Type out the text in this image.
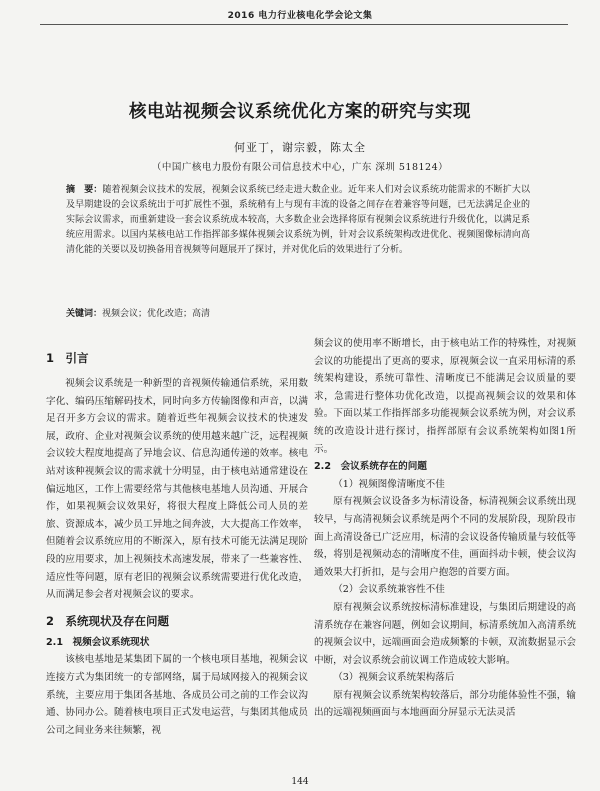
2016 电力行业核电化学会论文集
核电站视频会议系统优化方案的研究与实现
何亚丁，谢宗毅，陈太全
（中国广核电力股份有限公司信息技术中心，广东 深圳 518124）
摘　要：随着视频会议技术的发展，视频会议系统已经走进大数企业。近年来人们对会议系统功能需求的不断扩大以及早期建设的会议系统出于可扩展性不强，系统稍有上与现有丰流的设备之间存在着兼容等问题，已无法满足企业的实际会议需求，而重新建设一套会议系统成本较高，大多数企业会选择将原有视频会议系统进行升级优化，以满足系统应用需求。以国内某核电站工作指挥部多媒体视频会议系统为例，针对会议系统架构改进优化、视频图像标清向高清化能的关要以及切换备用音视频等问题展开了探讨，并对优化后的效果进行了分析。
关键词：视频会议；优化改造；高清
1　引言

视频会议系统是一种新型的音视频传输通信系统，采用数字化、编码压缩解码技术，同时向多方传输图像和声音，以满足召开多方会议的需求。随着近些年视频会议技术的快速发展，政府、企业对视频会议系统的使用越来越广泛，远程视频会议较大程度地提高了异地会议、信息沟通传递的效率。核电站对该种视频会议的需求就十分明显，由于核电站通常建设在偏远地区，工作上需要经常与其他核电基地人员沟通、开展合作，如果视频会议效果好，将很大程度上降低公司人员的差旅、资源成本，减少员工异地之间奔波，大大提高工作效率，但随着会议系统应用的不断深入，原有技术可能无法满足现阶段的应用要求，加上视频技术高速发展，带来了一些兼容性、适应性等问题，原有老旧的视频会议系统需要进行优化改造，从而满足参会者对视频会议的要求。

2　系统现状及存在问题
2.1　视频会议系统现状

该核电基地是某集团下属的一个核电项目基地，视频会议连接方式为集团统一的专部网络，属于局域网接入的视频会议系统，主要应用于集团各基地、各成员公司之前的工作会议沟通、协同办公。随着核电项目正式发电运营，与集团其他成员公司之间业务来往频繁，视

频会议的使用率不断增长，由于核电站工作的特殊性，对视频会议的功能提出了更高的要求，原视频会议一直采用标清的系统架构建设，系统可靠性、清晰度已不能满足会议质量的要求，急需进行整体功优化改造，以提高视频会议的效果和体验。下面以某工作指挥部多功能视频会议系统为例，对会议系统的改造设计进行探讨，指挥部原有会议系统架构如图1所示。

2.2　会议系统存在的问题

（1）视频图像清晰度不佳

原有视频会议设备多为标清设备，标清视频会议系统出现较早，与高清视频会议系统是两个不同的发展阶段，现阶段市面上高清设备已广泛应用，标清的会议设备传输质量与较低等级，将别是视频动态的清晰度不佳，画面抖动卡顿，使会议沟通效果大打折扣，是与会用户抱怨的首要方面。

（2）会议系统兼容性不佳

原有视频会议系统按标清标准建设，与集团后期建设的高清系统存在兼容问题，例如会议期间，标清系统加入高清系统的视频会议中，远端画面会造成频繁的卡顿，双流数据显示会中断，对会议系统会前议调工作造成较大影响。

（3）视频会议系统架构落后

原有视频会议系统架构较落后，部分功能体验性不强，输出的远端视频画面与本地画面分屏显示无法灵活

144
